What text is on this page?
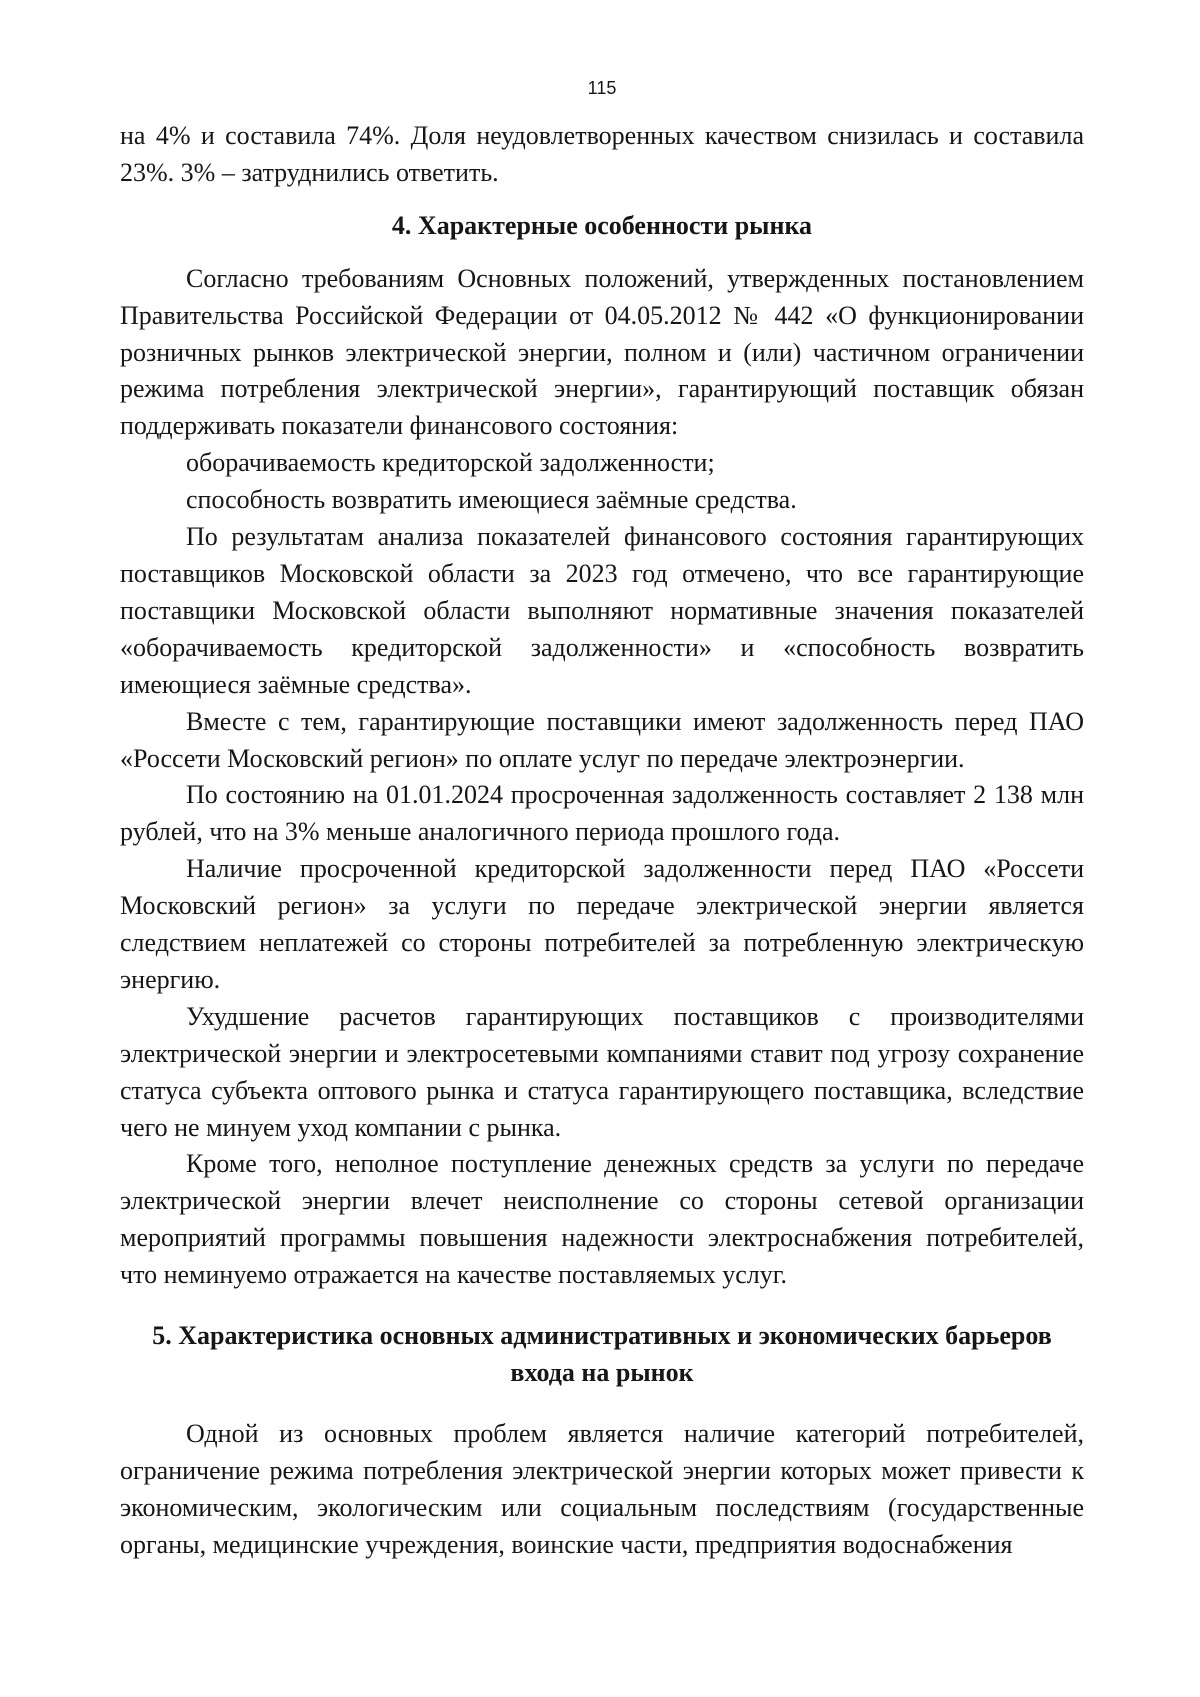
115

на 4% и составила 74%. Доля неудовлетворенных качеством снизилась и составила 23%. 3% – затруднились ответить.

4. Характерные особенности рынка

Согласно требованиям Основных положений, утвержденных постановлением Правительства Российской Федерации от 04.05.2012 № 442 «О функционировании розничных рынков электрической энергии, полном и (или) частичном ограничении режима потребления электрической энергии», гарантирующий поставщик обязан поддерживать показатели финансового состояния:

оборачиваемость кредиторской задолженности;

способность возвратить имеющиеся заёмные средства.

По результатам анализа показателей финансового состояния гарантирующих поставщиков Московской области за 2023 год отмечено, что все гарантирующие поставщики Московской области выполняют нормативные значения показателей «оборачиваемость кредиторской задолженности» и «способность возвратить имеющиеся заёмные средства».

Вместе с тем, гарантирующие поставщики имеют задолженность перед ПАО «Россети Московский регион» по оплате услуг по передаче электроэнергии.

По состоянию на 01.01.2024 просроченная задолженность составляет 2 138 млн рублей, что на 3% меньше аналогичного периода прошлого года.

Наличие просроченной кредиторской задолженности перед ПАО «Россети Московский регион» за услуги по передаче электрической энергии является следствием неплатежей со стороны потребителей за потребленную электрическую энергию.

Ухудшение расчетов гарантирующих поставщиков с производителями электрической энергии и электросетевыми компаниями ставит под угрозу сохранение статуса субъекта оптового рынка и статуса гарантирующего поставщика, вследствие чего не минуем уход компании с рынка.

Кроме того, неполное поступление денежных средств за услуги по передаче электрической энергии влечет неисполнение со стороны сетевой организации мероприятий программы повышения надежности электроснабжения потребителей, что неминуемо отражается на качестве поставляемых услуг.

5. Характеристика основных административных и экономических барьеров входа на рынок

Одной из основных проблем является наличие категорий потребителей, ограничение режима потребления электрической энергии которых может привести к экономическим, экологическим или социальным последствиям (государственные органы, медицинские учреждения, воинские части, предприятия водоснабжения
